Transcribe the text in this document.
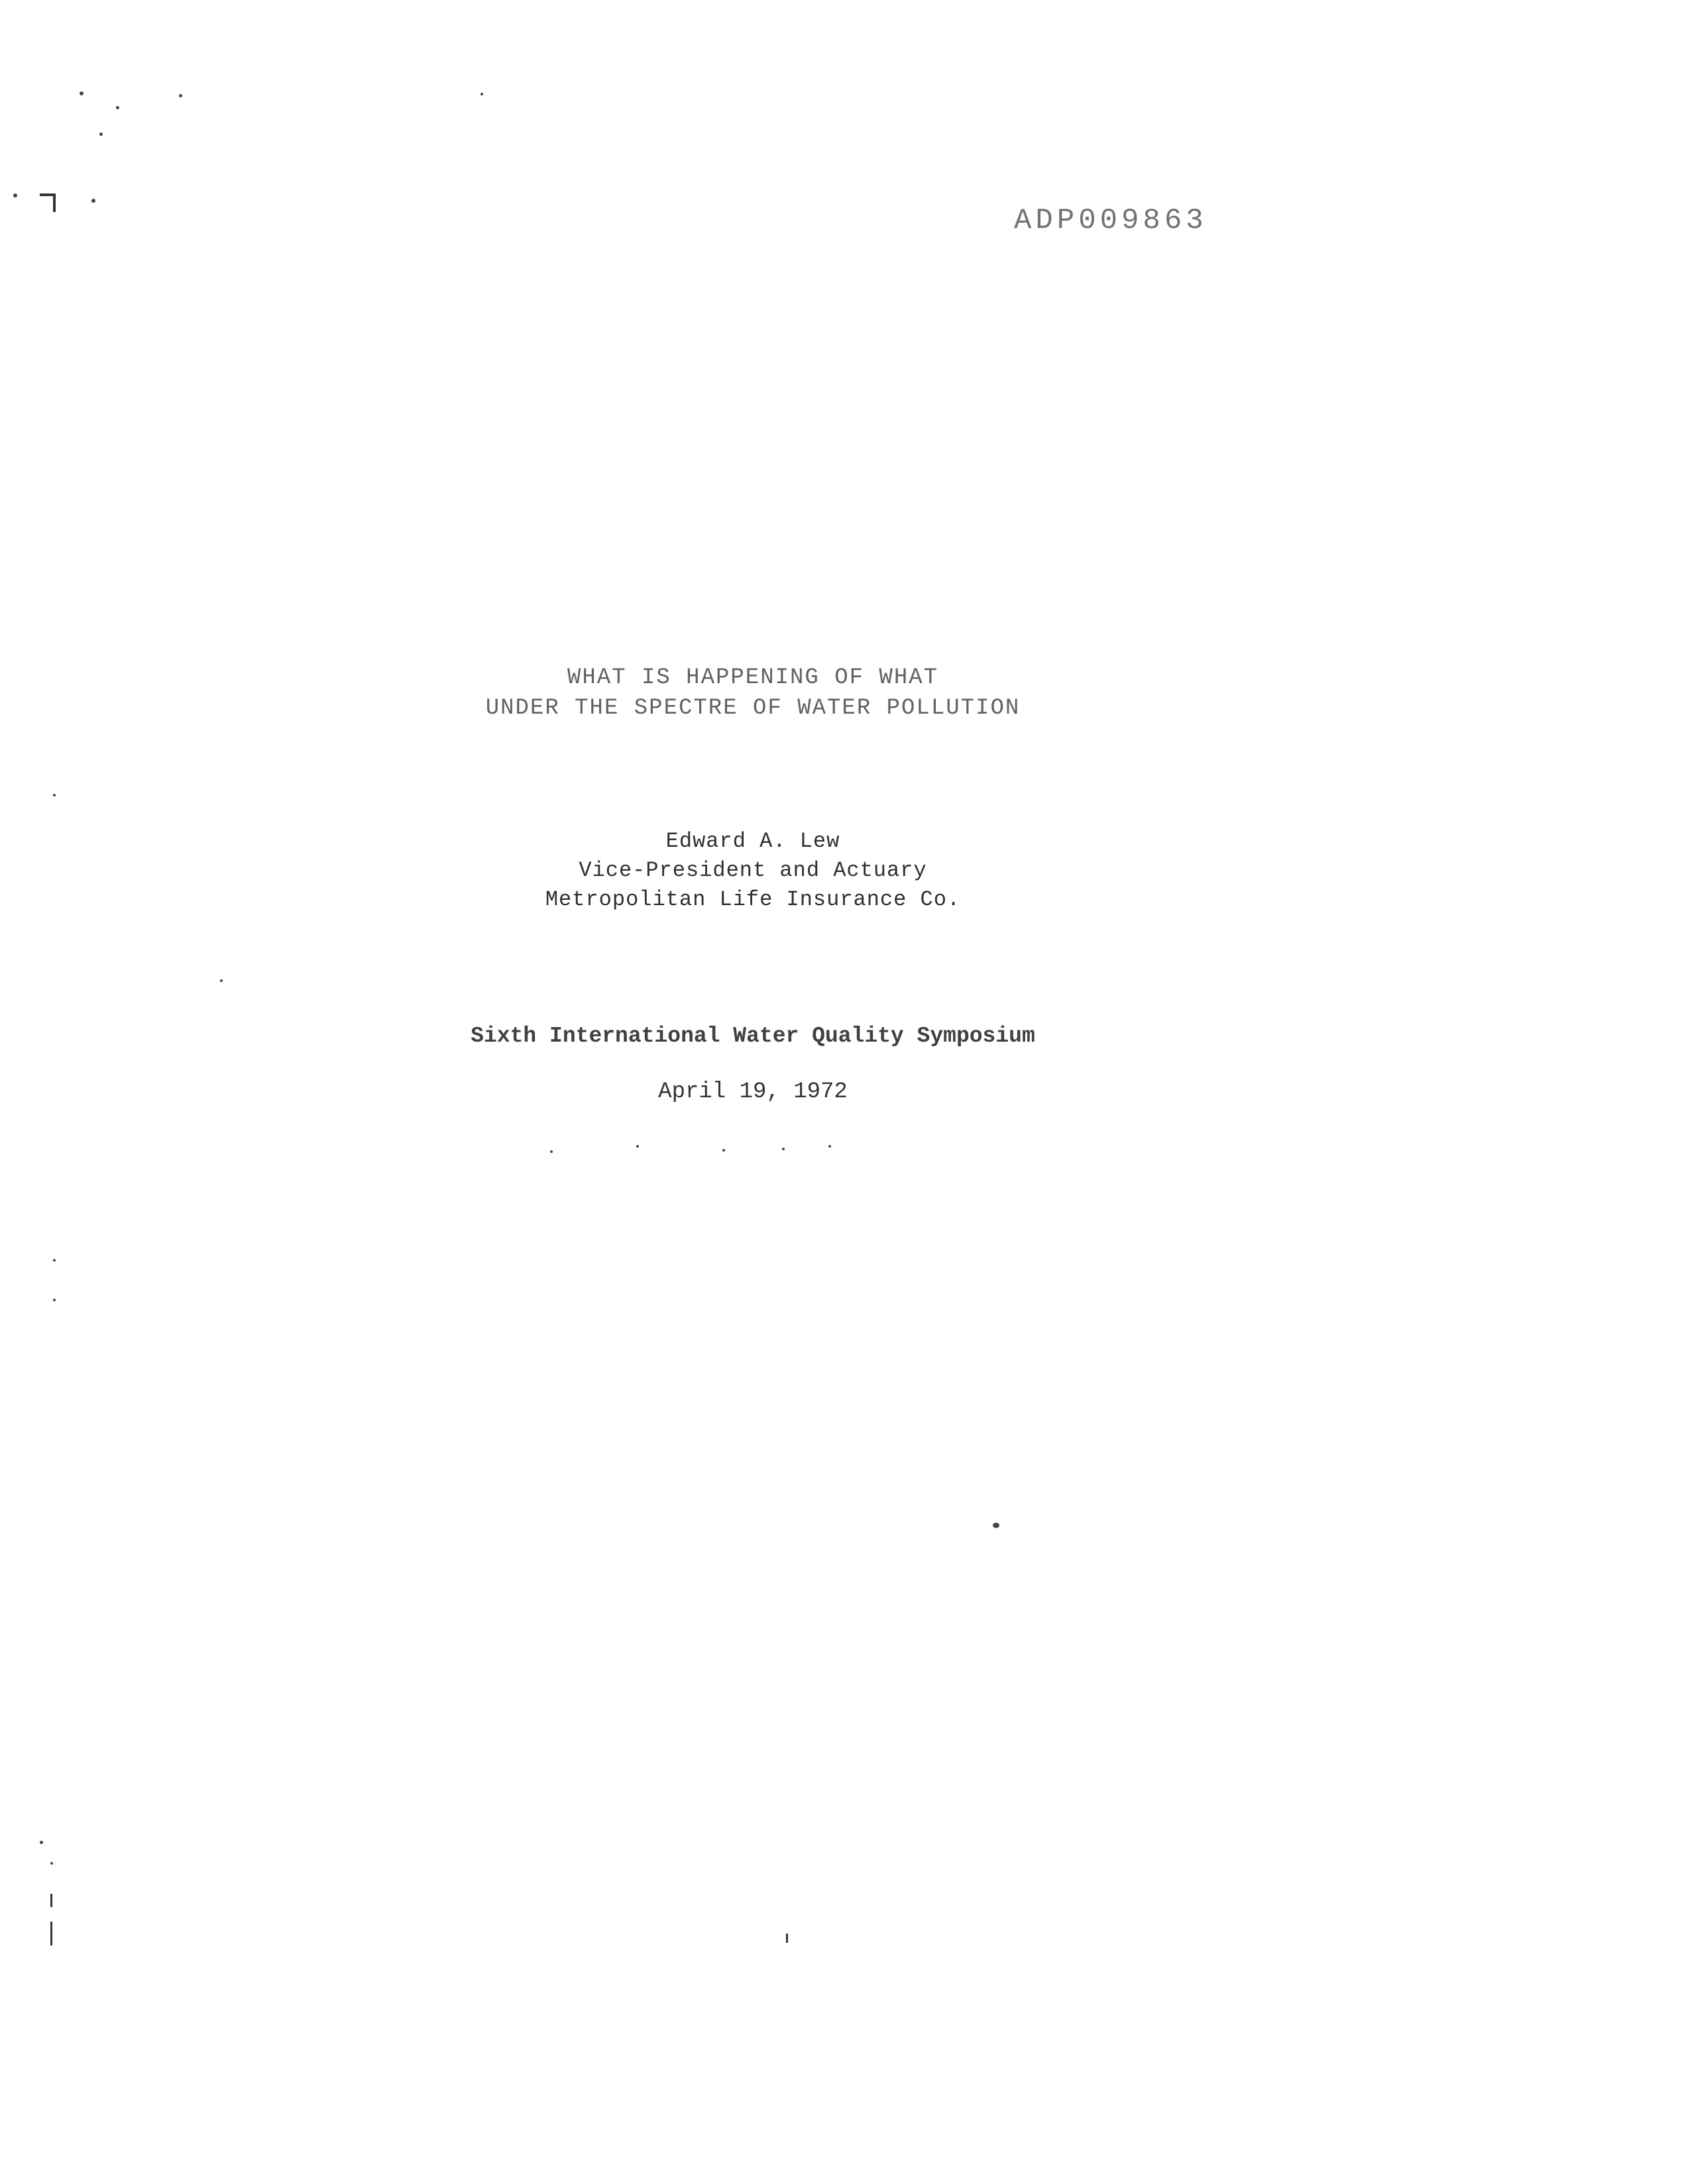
ADP009863
WHAT IS HAPPENING OF WHAT
UNDER THE SPECTRE OF WATER POLLUTION
Edward A. Lew
Vice-President and Actuary
Metropolitan Life Insurance Co.
Sixth International Water Quality Symposium
April 19, 1972
